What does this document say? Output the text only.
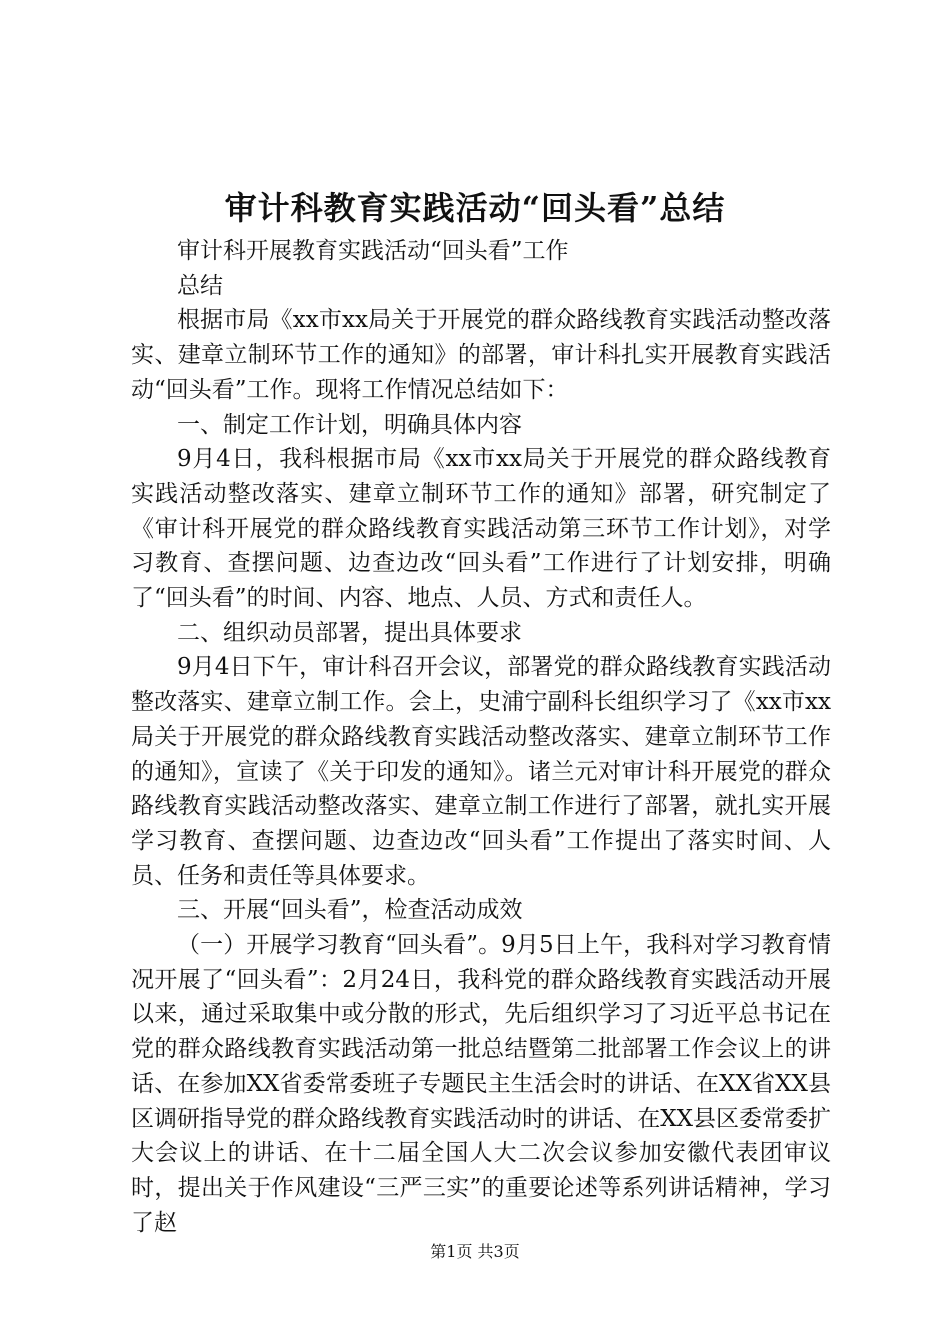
审计科教育实践活动“回头看”总结

审计科开展教育实践活动“回头看”工作

总结

根据市局《xx市xx局关于开展党的群众路线教育实践活动整改落实、建章立制环节工作的通知》的部署，审计科扎实开展教育实践活动“回头看”工作。现将工作情况总结如下：

一、制定工作计划，明确具体内容

9月4日，我科根据市局《xx市xx局关于开展党的群众路线教育实践活动整改落实、建章立制环节工作的通知》部署，研究制定了《审计科开展党的群众路线教育实践活动第三环节工作计划》，对学习教育、查摆问题、边查边改“回头看”工作进行了计划安排，明确了“回头看”的时间、内容、地点、人员、方式和责任人。

二、组织动员部署，提出具体要求

9月4日下午，审计科召开会议，部署党的群众路线教育实践活动整改落实、建章立制工作。会上，史浦宁副科长组织学习了《xx市xx局关于开展党的群众路线教育实践活动整改落实、建章立制环节工作的通知》，宣读了《关于印发的通知》。诸兰元对审计科开展党的群众路线教育实践活动整改落实、建章立制工作进行了部署，就扎实开展学习教育、查摆问题、边查边改“回头看”工作提出了落实时间、人员、任务和责任等具体要求。

三、开展“回头看”，检查活动成效

（一）开展学习教育“回头看”。9月5日上午，我科对学习教育情况开展了“回头看”：2月24日，我科党的群众路线教育实践活动开展以来，通过采取集中或分散的形式，先后组织学习了习近平总书记在党的群众路线教育实践活动第一批总结暨第二批部署工作会议上的讲话、在参加XX省委常委班子专题民主生活会时的讲话、在XX省XX县区调研指导党的群众路线教育实践活动时的讲话、在XX县区委常委扩大会议上的讲话、在十二届全国人大二次会议参加安徽代表团审议时，提出关于作风建设“三严三实”的重要论述等系列讲话精神，学习了赵

第1页 共3页
